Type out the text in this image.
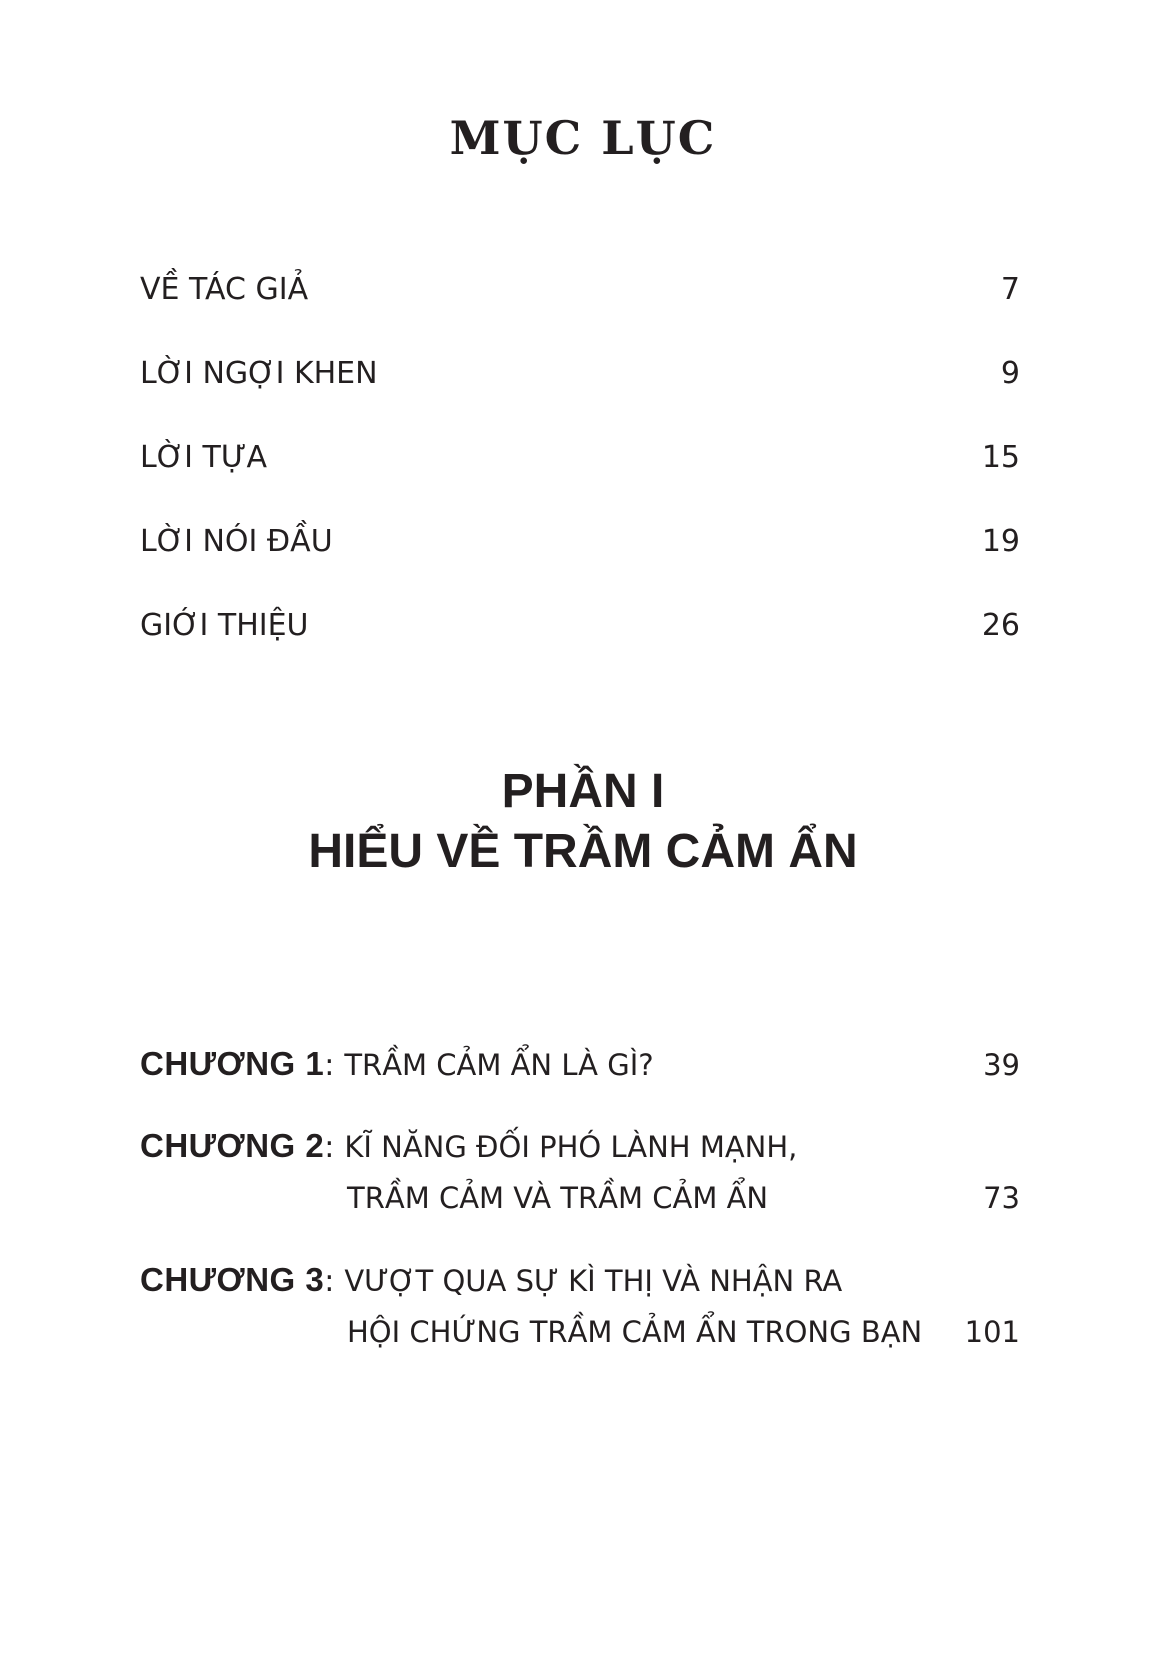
MỤC LỤC
VỀ TÁC GIẢ	7
LỜI NGỢI KHEN	9
LỜI TỰA	15
LỜI NÓI ĐẦU	19
GIỚI THIỆU	26
PHẦN I
HIỂU VỀ TRẦM CẢM ẨN
CHƯƠNG 1 : TRẦM CẢM ẨN LÀ GÌ?	39
CHƯƠNG 2 : KĨ NĂNG ĐỐI PHÓ LÀNH MẠNH,
TRẦM CẢM VÀ TRẦM CẢM ẨN	73
CHƯƠNG 3 : VƯỢT QUA SỰ KÌ THỊ VÀ NHẬN RA
HỘI CHỨNG TRẦM CẢM ẨN TRONG BẠN	101
